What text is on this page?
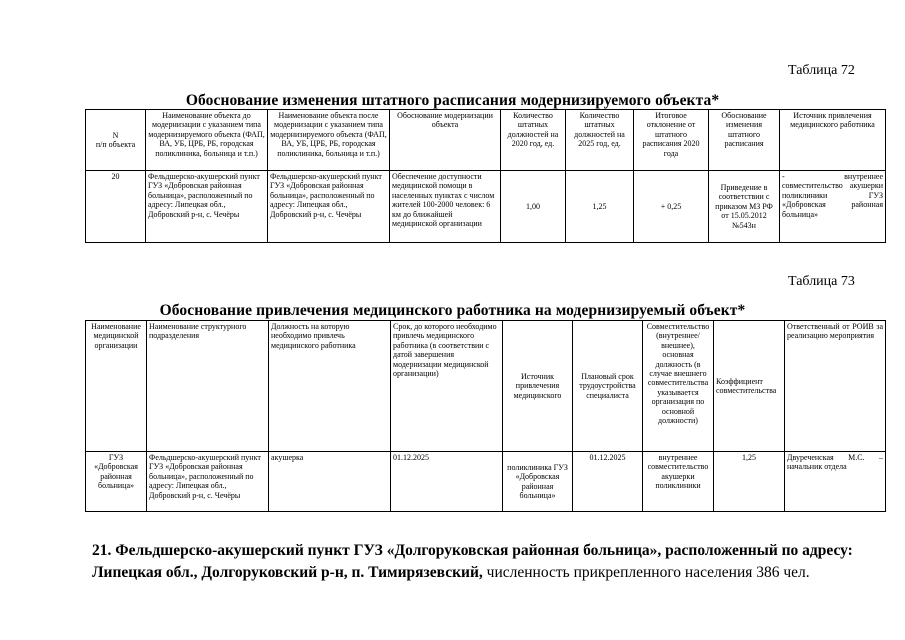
Таблица 72
Обоснование изменения штатного расписания модернизируемого объекта*
N
п/п объекта	Наименование объекта до модернизации с указанием типа модернизируемого объекта (ФАП, ВА, УБ, ЦРБ, РБ, городская поликлиника, больница и т.п.)	Наименование объекта после модернизации с указанием типа модернизируемого объекта (ФАП, ВА, УБ, ЦРБ, РБ, городская поликлиника, больница и т.п.)	Обоснование модернизации объекта	Количество штатных должностей на 2020 год, ед.	Количество штатных должностей на 2025 год, ед.	Итоговое отклонение от штатного расписания 2020 года	Обоснование изменения штатного расписания	Источник привлечения медицинского работника
20	Фельдшерско-акушерский пункт ГУЗ «Добровская районная больница», расположенный по адресу: Липецкая обл., Добровский р-н, с. Чечёры	Фельдшерско-акушерский пункт ГУЗ «Добровская районная больница», расположенный по адресу: Липецкая обл., Добровский р-н, с. Чечёры	Обеспечение доступности медицинской помощи в населенных пунктах с числом жителей 100-2000 человек: 6 км до ближайшей медицинской организации	1,00	1,25	+ 0,25	Приведение в соответствии с приказом МЗ РФ от 15.05.2012 №543н	- внутреннее совместительство акушерки поликлиники ГУЗ «Добровская районная больница»
Таблица 73
Обоснование привлечения медицинского работника на модернизируемый объект*
Наименование медицинской организации	Наименование структурного подразделения	Должность на которую необходимо привлечь медицинского работника	Срок, до которого необходимо привлечь медицинского работника (в соответствии с датой завершения модернизации медицинской организации)	Источник привлечения медицинского	Плановый срок трудоустройства специалиста	Совместительство (внутреннее/внешнее), основная должность (в случае внешнего совместительства указывается организация по основной должности)	Коэффициент совместительства	Ответственный от РОИВ за реализацию мероприятия
ГУЗ «Добровская районная больница»	Фельдшерско-акушерский пункт ГУЗ «Добровская районная больница», расположенный по адресу: Липецкая обл., Добровский р-н, с. Чечёры	акушерка	01.12.2025	поликлиника ГУЗ «Добровская районная больница»	01.12.2025	внутреннее совместительство акушерки поликлиники	1,25	Двуреченская М.С. – начальник отдела
21. Фельдшерско-акушерский пункт ГУЗ «Долгоруковская районная больница», расположенный по адресу: Липецкая обл., Долгоруковский р-н, п. Тимирязевский, численность прикрепленного населения 386 чел.
